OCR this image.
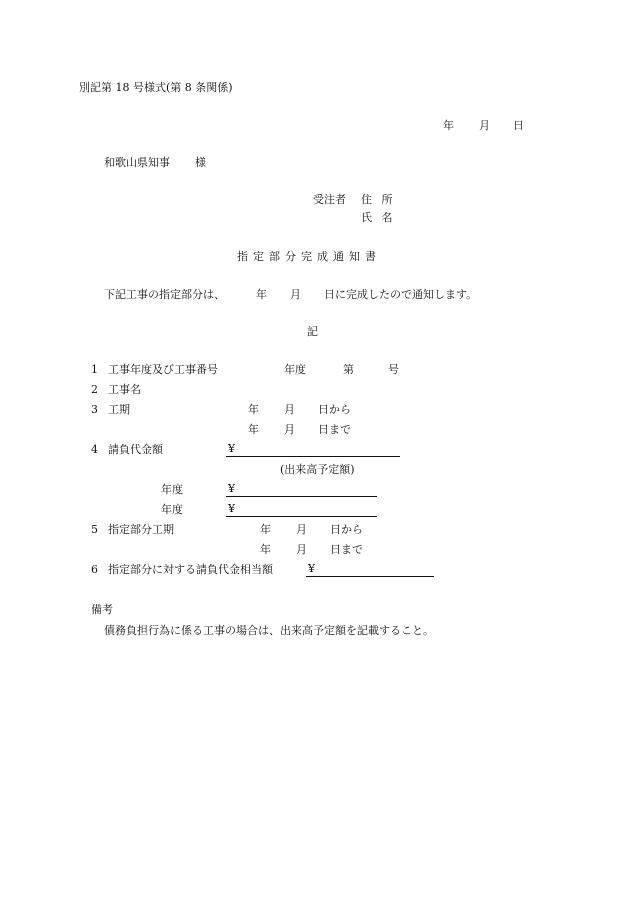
別記第 18 号様式(第 8 条関係)
年 月 日
和歌山県知事 様
受注者 住 所
氏 名
指定部分完成通知書
下記工事の指定部分は、	年 月 日に完成したので通知します。
記
1 工事年度及び工事番号	年度	第	号
2 工事名
3 工期	年 月 日から
年 月 日まで
4 請負代金額	¥
(出来高予定額)
年度	¥
年度	¥
5 指定部分工期	年 月 日から
年 月 日まで
6 指定部分に対する請負代金相当額	¥
備考
債務負担行為に係る工事の場合は、出来高予定額を記載すること。
